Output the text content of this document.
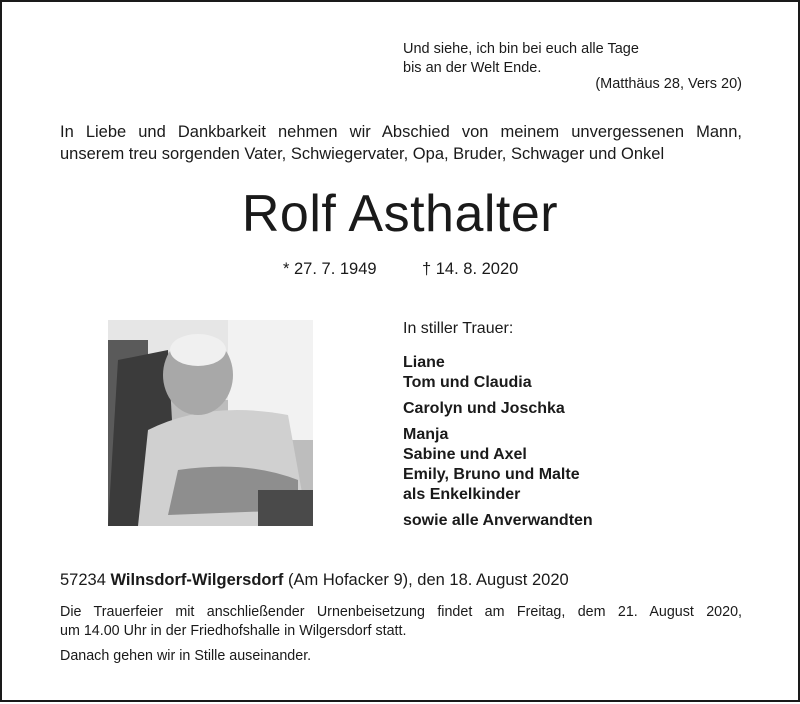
Und siehe, ich bin bei euch alle Tage
bis an der Welt Ende.
(Matthäus 28, Vers 20)
In Liebe und Dankbarkeit nehmen wir Abschied von meinem unvergessenen Mann,
unserem treu sorgenden Vater, Schwiegervater, Opa, Bruder, Schwager und Onkel
Rolf Asthalter
* 27. 7. 1949	† 14. 8. 2020
In stiller Trauer:
Liane
Tom und Claudia
Carolyn und Joschka
Manja
Sabine und Axel
Emily, Bruno und Malte
als Enkelkinder
sowie alle Anverwandten
57234 Wilnsdorf-Wilgersdorf (Am Hofacker 9), den 18. August 2020
Die Trauerfeier mit anschließender Urnenbeisetzung findet am Freitag, dem 21. August 2020,
um 14.00 Uhr in der Friedhofshalle in Wilgersdorf statt.
Danach gehen wir in Stille auseinander.
